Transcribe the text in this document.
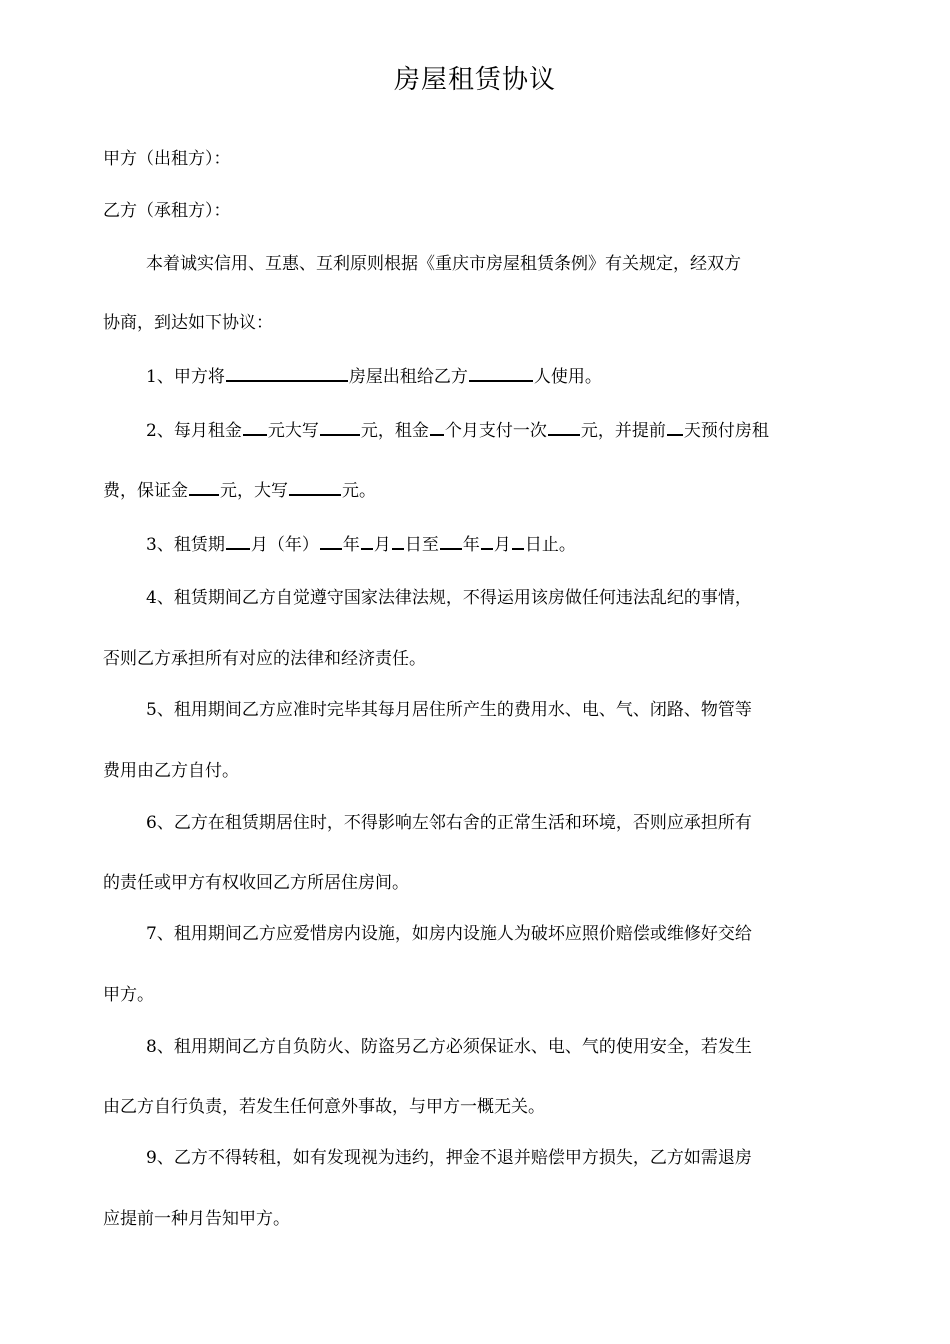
房屋租赁协议
甲方（出租方）：
乙方（承租方）：
本着诚实信用、互惠、互利原则根据《重庆市房屋租赁条例》有关规定，经双方
协商，到达如下协议：
1、甲方将	房屋出租给乙方	人使用。
2、每月租金 元大写 元，租金 个月支付一次 元，并提前 天预付房租
费，保证金 元，大写	元。
3、租赁期 月（年） 年 月 日至 年 月 日止。
4、租赁期间乙方自觉遵守国家法律法规，不得运用该房做任何违法乱纪的事情，
否则乙方承担所有对应的法律和经济责任。
5、租用期间乙方应准时完毕其每月居住所产生的费用水、电、气、闭路、物管等
费用由乙方自付。
6、乙方在租赁期居住时，不得影响左邻右舍的正常生活和环境，否则应承担所有
的责任或甲方有权收回乙方所居住房间。
7、租用期间乙方应爱惜房内设施，如房内设施人为破坏应照价赔偿或维修好交给
甲方。
8、租用期间乙方自负防火、防盗另乙方必须保证水、电、气的使用安全，若发生
由乙方自行负责，若发生任何意外事故，与甲方一概无关。
9、乙方不得转租，如有发现视为违约，押金不退并赔偿甲方损失，乙方如需退房
应提前一种月告知甲方。
